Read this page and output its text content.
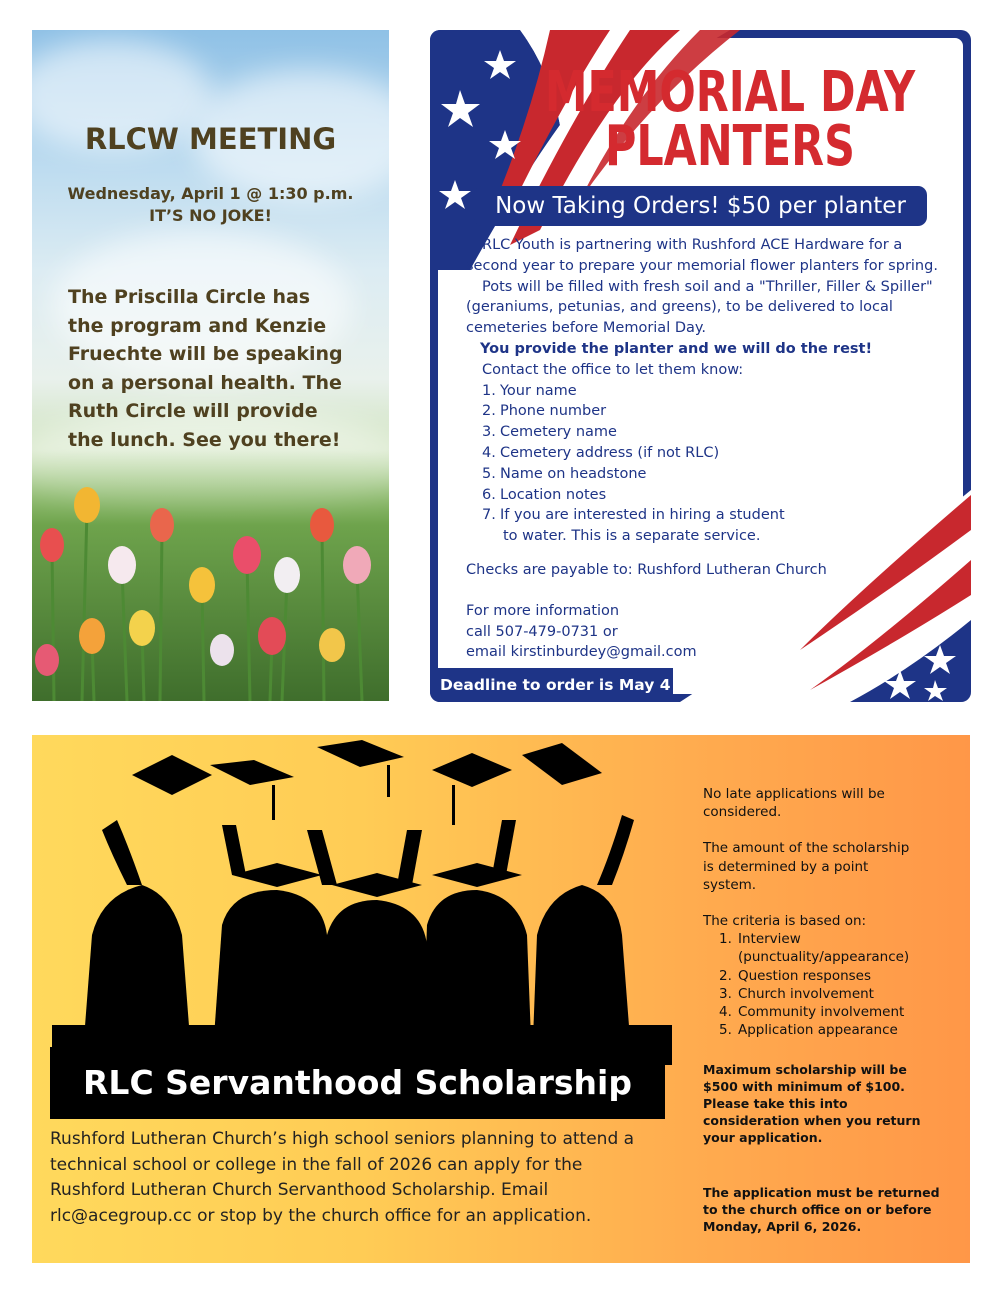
RLCW MEETING
Wednesday, April 1 @ 1:30 p.m.
IT’S NO JOKE!
The Priscilla Circle has
the program and Kenzie
Fruechte will be speaking
on a personal health. The
Ruth Circle will provide
the lunch. See you there!
MEMORIAL DAY
PLANTERS
Now Taking Orders! $50 per planter

RLC Youth is partnering with Rushford ACE Hardware for a

second year to prepare your memorial flower planters for spring.

Pots will be filled with fresh soil and a "Thriller, Filler & Spiller"

(geraniums, petunias, and greens), to be delivered to local

cemeteries before Memorial Day.

You provide the planter and we will do the rest!

Contact the office to let them know:

1. Your name
2. Phone number
3. Cemetery name
4. Cemetery address (if not RLC)
5. Name on headstone
6. Location notes
7. If you are interested in hiring a student
to water. This is a separate service.

Checks are payable to: Rushford Lutheran Church

For more information

call 507-479-0731 or

email kirstinburdey@gmail.com

Deadline to order is May 4
RLC Servanthood Scholarship
Rushford Lutheran Church’s high school seniors planning to attend a
technical school or college in the fall of 2026 can apply for the
Rushford Lutheran Church Servanthood Scholarship. Email
rlc@acegroup.cc or stop by the church office for an application.
No late applications will be
considered.
The amount of the scholarship
is determined by a point
system.
The criteria is based on:
1. Interview
(punctuality/appearance)
2. Question responses
3. Church involvement
4. Community involvement
5. Application appearance
Maximum scholarship will be
$500 with minimum of $100.
Please take this into
consideration when you return
your application.
The application must be returned
to the church office on or before
Monday, April 6, 2026.
